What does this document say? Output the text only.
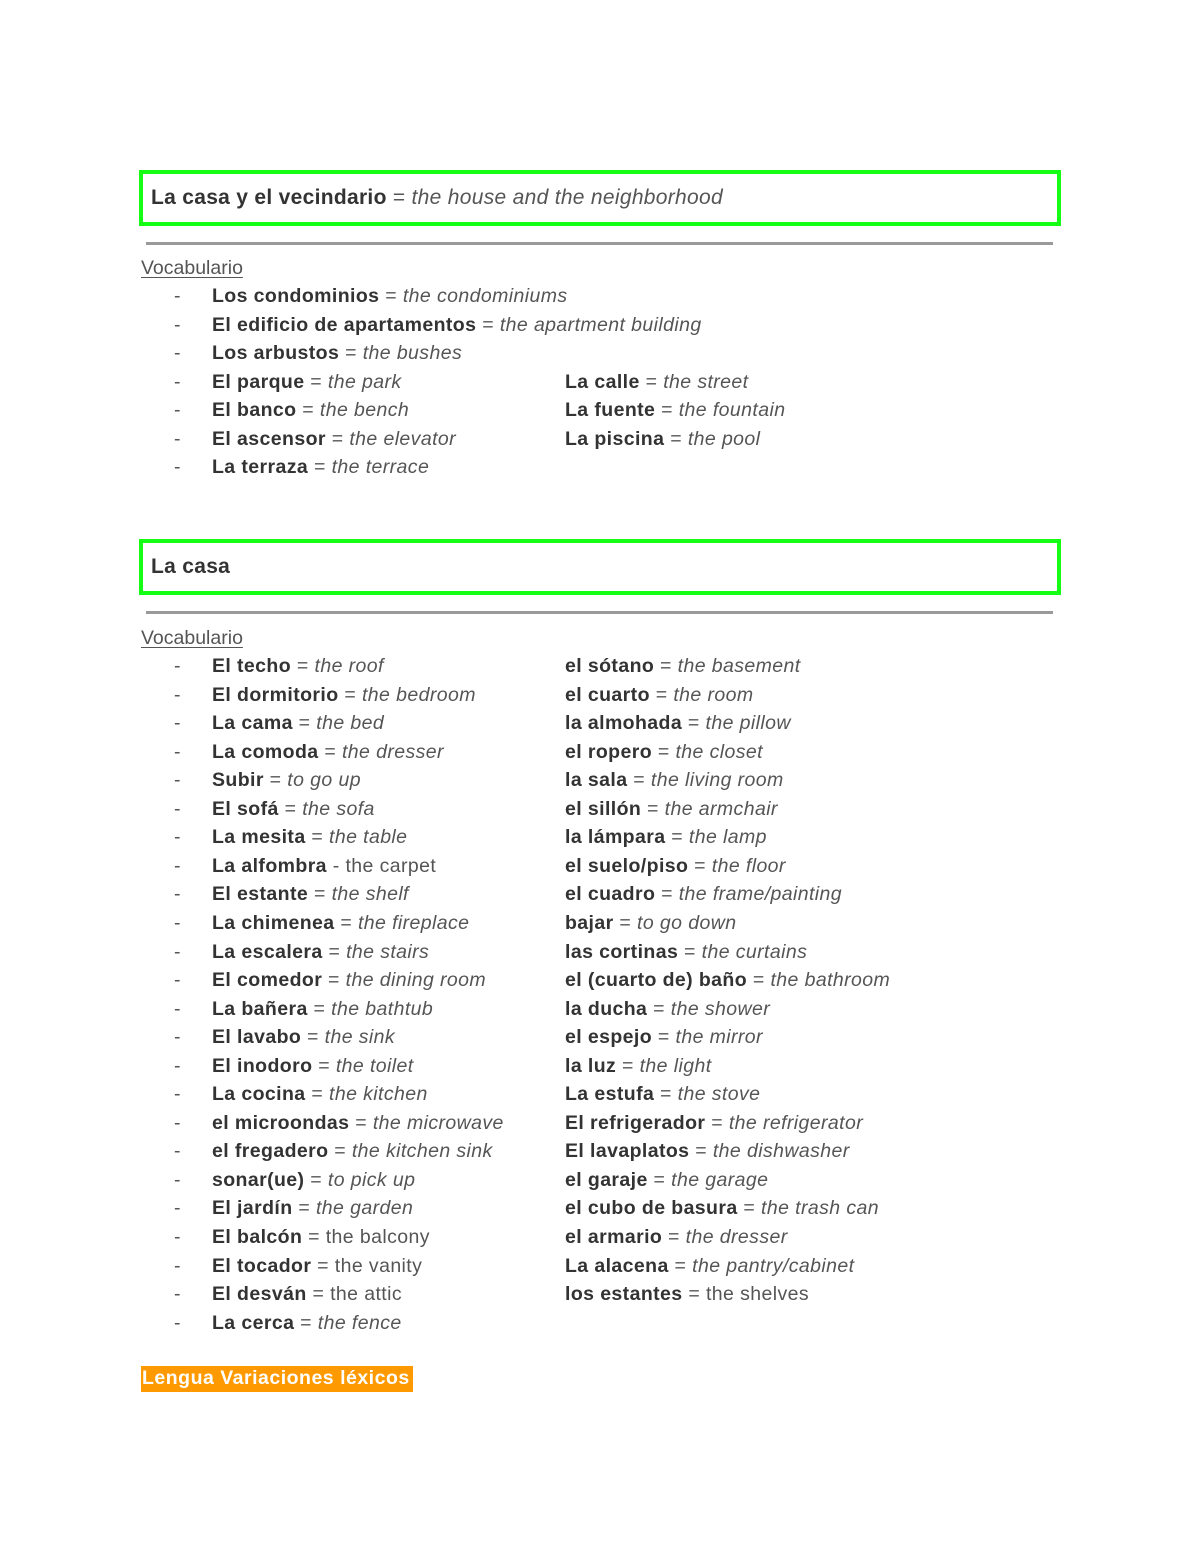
La casa y el vecindario = the house and the neighborhood
Vocabulario
- Los condominios = the condominiums
- El edificio de apartamentos = the apartment building
- Los arbustos = the bushes
- El parque = the park	La calle = the street
- El banco = the bench	La fuente = the fountain
- El ascensor = the elevator	La piscina = the pool
- La terraza = the terrace
La casa
Vocabulario
- El techo = the roof	el sótano = the basement
- El dormitorio = the bedroom	el cuarto = the room
- La cama = the bed	la almohada = the pillow
- La comoda = the dresser	el ropero = the closet
- Subir = to go up	la sala = the living room
- El sofá = the sofa	el sillón = the armchair
- La mesita = the table	la lámpara = the lamp
- La alfombra - the carpet	el suelo/piso = the floor
- El estante = the shelf	el cuadro = the frame/painting
- La chimenea = the fireplace	bajar = to go down
- La escalera = the stairs	las cortinas = the curtains
- El comedor = the dining room	el (cuarto de) baño = the bathroom
- La bañera = the bathtub	la ducha = the shower
- El lavabo = the sink	el espejo = the mirror
- El inodoro = the toilet	la luz = the light
- La cocina = the kitchen	La estufa = the stove
- el microondas = the microwave	El refrigerador = the refrigerator
- el fregadero = the kitchen sink	El lavaplatos = the dishwasher
- sonar(ue) = to pick up	el garaje = the garage
- El jardín = the garden	el cubo de basura = the trash can
- El balcón = the balcony	el armario = the dresser
- El tocador = the vanity	La alacena = the pantry/cabinet
- El desván = the attic	los estantes = the shelves
- La cerca = the fence
Lengua Variaciones léxicos
